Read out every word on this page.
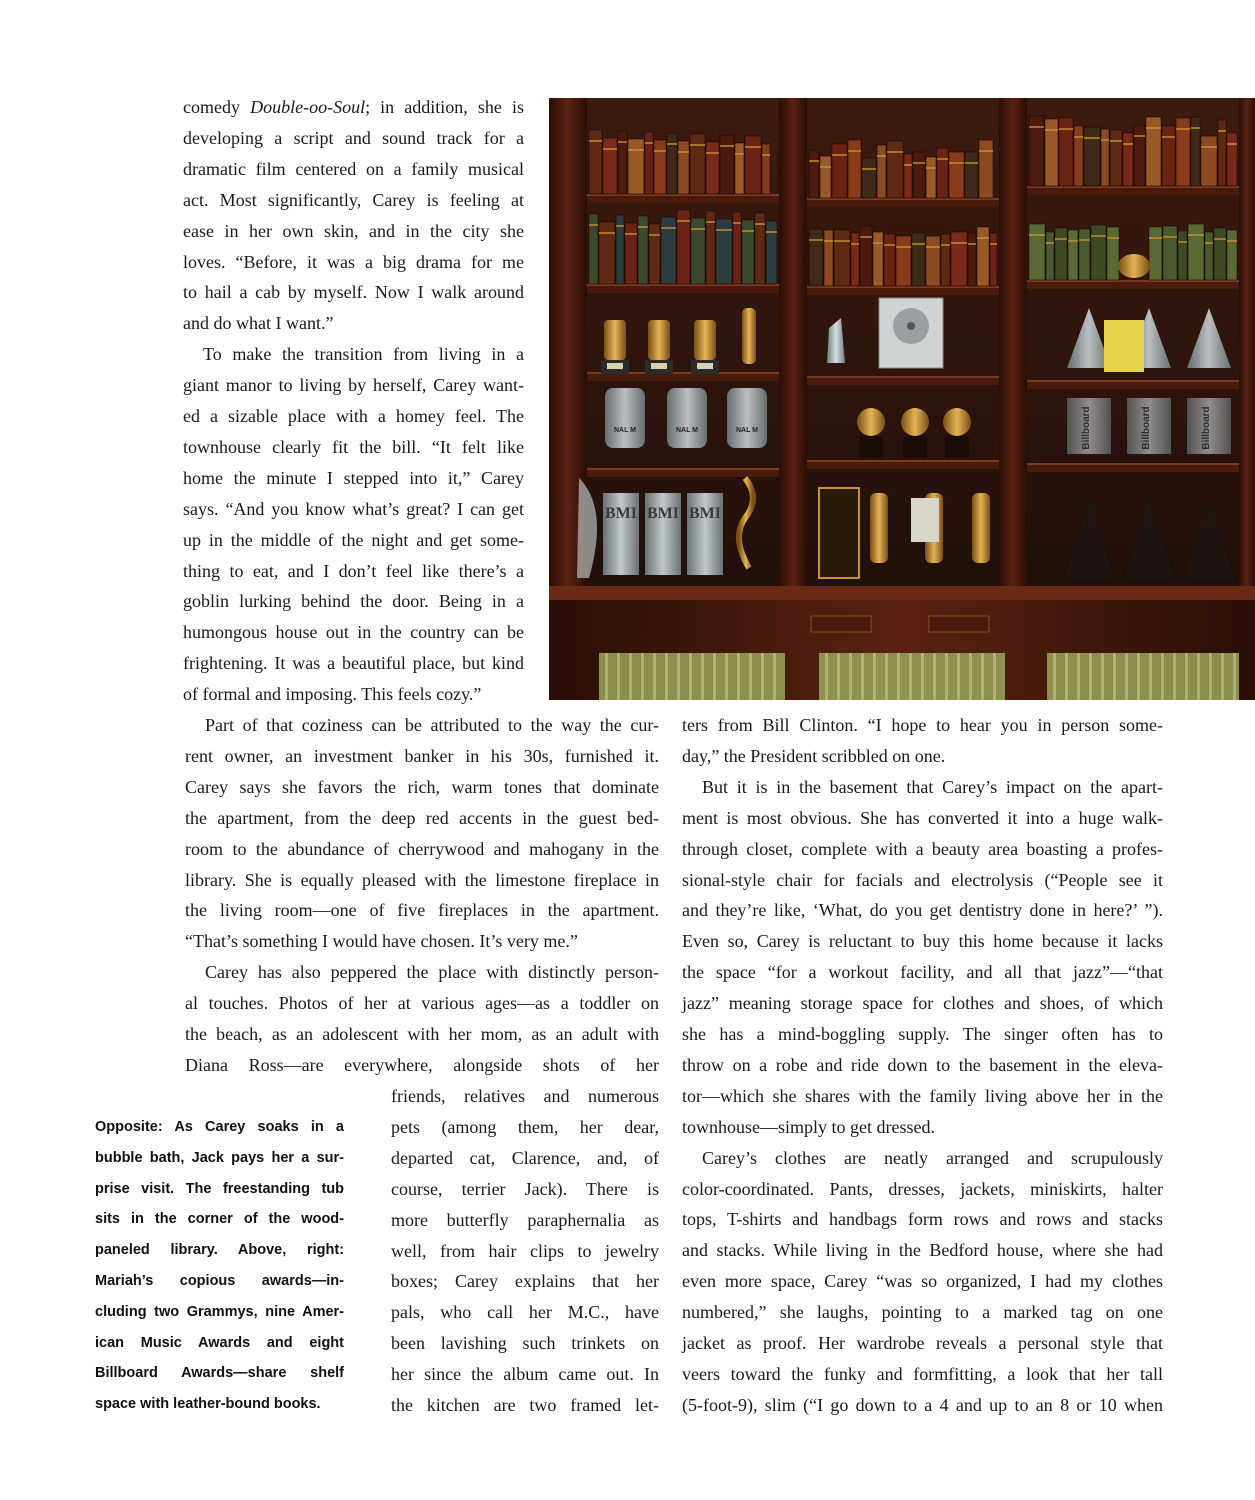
comedy Double-oo-Soul; in addition, she is
developing a script and sound track for a
dramatic film centered on a family musical
act. Most significantly, Carey is feeling at
ease in her own skin, and in the city she
loves. “Before, it was a big drama for me
to hail a cab by myself. Now I walk around
and do what I want.”
To make the transition from living in a
giant manor to living by herself, Carey want-
ed a sizable place with a homey feel. The
townhouse clearly fit the bill. “It felt like
home the minute I stepped into it,” Carey
says. “And you know what’s great? I can get
up in the middle of the night and get some-
thing to eat, and I don’t feel like there’s a
goblin lurking behind the door. Being in a
humongous house out in the country can be
frightening. It was a beautiful place, but kind
of formal and imposing. This feels cozy.”
Part of that coziness can be attributed to the way the cur-
rent owner, an investment banker in his 30s, furnished it.
Carey says she favors the rich, warm tones that dominate
the apartment, from the deep red accents in the guest bed-
room to the abundance of cherrywood and mahogany in the
library. She is equally pleased with the limestone fireplace in
the living room—one of five fireplaces in the apartment.
“That’s something I would have chosen. It’s very me.”
Carey has also peppered the place with distinctly person-
al touches. Photos of her at various ages—as a toddler on
the beach, as an adolescent with her mom, as an adult with
Diana Ross—are everywhere, alongside shots of her
friends, relatives and numerous
pets (among them, her dear,
departed cat, Clarence, and, of
course, terrier Jack). There is
more butterfly paraphernalia as
well, from hair clips to jewelry
boxes; Carey explains that her
pals, who call her M.C., have
been lavishing such trinkets on
her since the album came out. In
the kitchen are two framed let-
ters from Bill Clinton. “I hope to hear you in person some-
day,” the President scribbled on one.
But it is in the basement that Carey’s impact on the apart-
ment is most obvious. She has converted it into a huge walk-
through closet, complete with a beauty area boasting a profes-
sional-style chair for facials and electrolysis (“People see it
and they’re like, ‘What, do you get dentistry done in here?’ ”).
Even so, Carey is reluctant to buy this home because it lacks
the space “for a workout facility, and all that jazz”—“that
jazz” meaning storage space for clothes and shoes, of which
she has a mind-boggling supply. The singer often has to
throw on a robe and ride down to the basement in the eleva-
tor—which she shares with the family living above her in the
townhouse—simply to get dressed.
Carey’s clothes are neatly arranged and scrupulously
color-coordinated. Pants, dresses, jackets, miniskirts, halter
tops, T-shirts and handbags form rows and rows and stacks
and stacks. While living in the Bedford house, where she had
even more space, Carey “was so organized, I had my clothes
numbered,” she laughs, pointing to a marked tag on one
jacket as proof. Her wardrobe reveals a personal style that
veers toward the funky and formfitting, a look that her tall
(5-foot-9), slim (“I go down to a 4 and up to an 8 or 10 when
Opposite: As Carey soaks in a
bubble bath, Jack pays her a sur-
prise visit. The freestanding tub
sits in the corner of the wood-
paneled library. Above, right:
Mariah’s copious awards—in-
cluding two Grammys, nine Amer-
ican Music Awards and eight
Billboard Awards—share shelf
space with leather-bound books.
NAL M	NAL M	NAL M
BMI BMI BMI
Billboard	Billboard	Billboard
